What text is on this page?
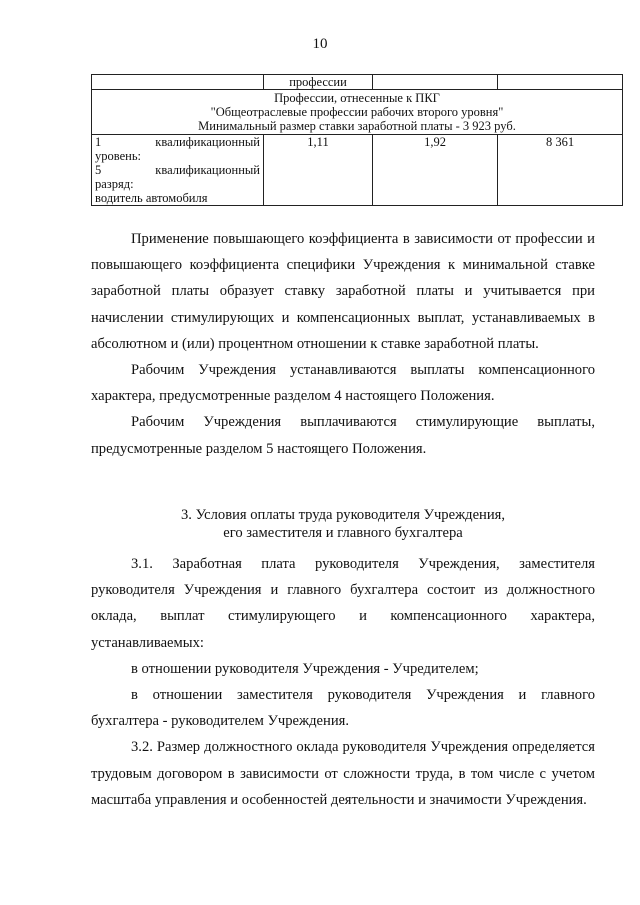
10
	профессии		

Профессии, отнесенные к ПКГ
"Общеотраслевые профессии рабочих второго уровня"
Минимальный размер ставки заработной платы - 3 923 руб.			

1 квалификационный
уровень:
5 квалификационный
разряд:
водитель автомобиля	1,11	1,92	8 361

Применение повышающего коэффициента в зависимости от профессии и повышающего коэффициента специфики Учреждения к минимальной ставке заработной платы образует ставку заработной платы и учитывается при начислении стимулирующих и компенсационных выплат, устанавливаемых в абсолютном и (или) процентном отношении к ставке заработной платы.

Рабочим Учреждения устанавливаются выплаты компенсационного характера, предусмотренные разделом 4 настоящего Положения.

Рабочим Учреждения выплачиваются стимулирующие выплаты, предусмотренные разделом 5 настоящего Положения.

3. Условия оплаты труда руководителя Учреждения,

его заместителя и главного бухгалтера

3.1. Заработная плата руководителя Учреждения, заместителя руководителя Учреждения и главного бухгалтера состоит из должностного оклада, выплат стимулирующего и компенсационного характера, устанавливаемых:

в отношении руководителя Учреждения - Учредителем;

в отношении заместителя руководителя Учреждения и главного бухгалтера - руководителем Учреждения.

3.2. Размер должностного оклада руководителя Учреждения определяется трудовым договором в зависимости от сложности труда, в том числе с учетом масштаба управления и особенностей деятельности и значимости Учреждения.
